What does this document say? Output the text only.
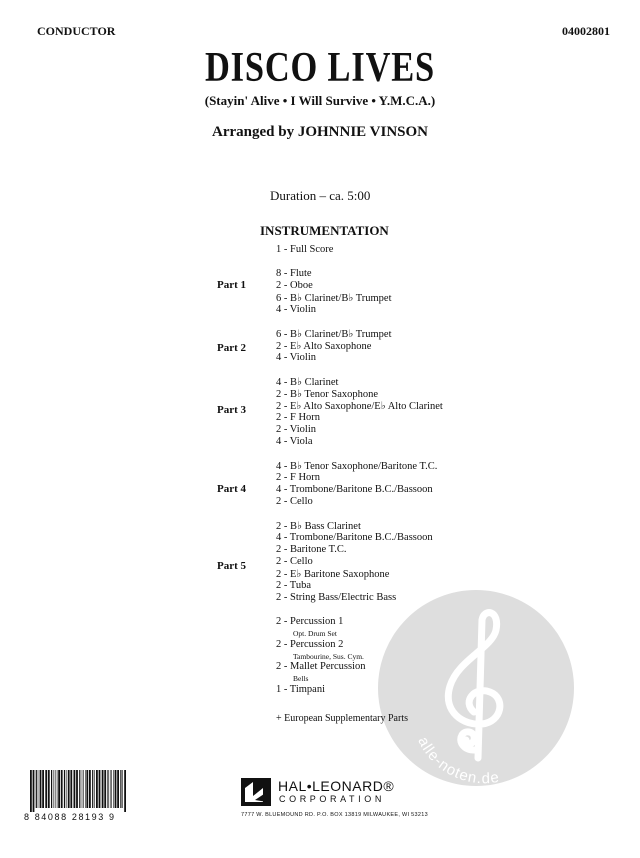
CONDUCTOR	04002801
DISCO LIVES
(Stayin' Alive • I Will Survive • Y.M.C.A.)
Arranged by JOHNNIE VINSON
Duration – ca. 5:00
INSTRUMENTATION
1 - Full Score
Part 1
8 - Flute
2 - Oboe
6 - B♭ Clarinet/B♭ Trumpet
4 - Violin
Part 2
6 - B♭ Clarinet/B♭ Trumpet
2 - E♭ Alto Saxophone
4 - Violin
Part 3
4 - B♭ Clarinet
2 - B♭ Tenor Saxophone
2 - E♭ Alto Saxophone/E♭ Alto Clarinet
2 - F Horn
2 - Violin
4 - Viola
Part 4
4 - B♭ Tenor Saxophone/Baritone T.C.
2 - F Horn
4 - Trombone/Baritone B.C./Bassoon
2 - Cello
Part 5
2 - B♭ Bass Clarinet
4 - Trombone/Baritone B.C./Bassoon
2 - Baritone T.C.
2 - Cello
2 - E♭ Baritone Saxophone
2 - Tuba
2 - String Bass/Electric Bass
alle-noten.de
2 - Percussion 1
Opt. Drum Set
2 - Percussion 2
Tambourine, Sus. Cym.
2 - Mallet Percussion
Bells
1 - Timpani
+ European Supplementary Parts
8 84088 28193 9
HAL•LEONARD®
CORPORATION
7777 W. BLUEMOUND RD. P.O. BOX 13819 MILWAUKEE, WI 53213
